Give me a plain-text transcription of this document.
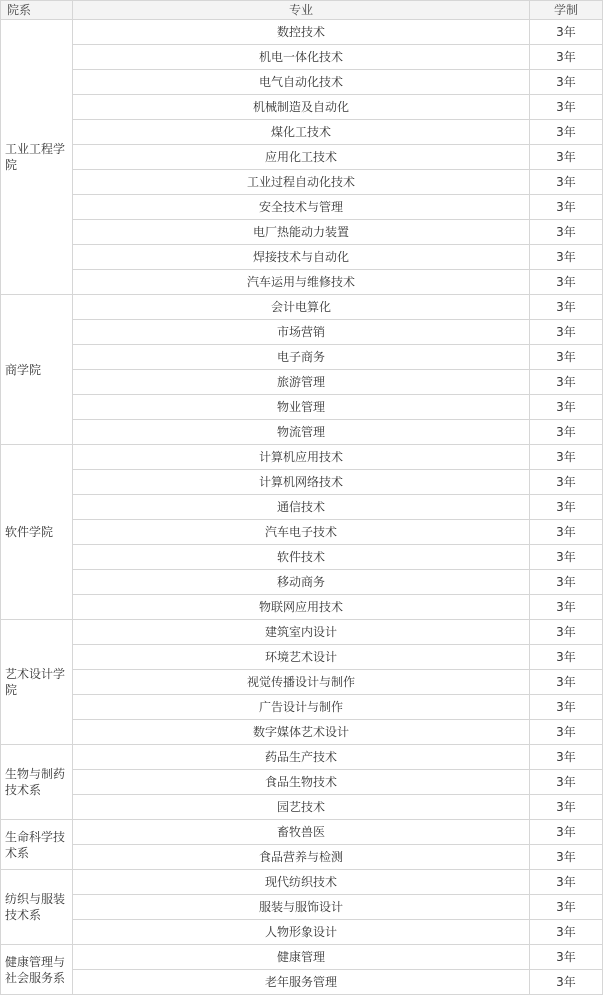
院系	专业	学制
工业工程学院	数控技术	3年
	机电一体化技术	3年
	电气自动化技术	3年
	机械制造及自动化	3年
	煤化工技术	3年
	应用化工技术	3年
	工业过程自动化技术	3年
	安全技术与管理	3年
	电厂热能动力装置	3年
	焊接技术与自动化	3年
	汽车运用与维修技术	3年
商学院	会计电算化	3年
	市场营销	3年
	电子商务	3年
	旅游管理	3年
	物业管理	3年
	物流管理	3年
软件学院	计算机应用技术	3年
	计算机网络技术	3年
	通信技术	3年
	汽车电子技术	3年
	软件技术	3年
	移动商务	3年
	物联网应用技术	3年
艺术设计学院	建筑室内设计	3年
	环境艺术设计	3年
	视觉传播设计与制作	3年
	广告设计与制作	3年
	数字媒体艺术设计	3年
生物与制药技术系	药品生产技术	3年
	食品生物技术	3年
	园艺技术	3年
生命科学技术系	畜牧兽医	3年
	食品营养与检测	3年
纺织与服装技术系	现代纺织技术	3年
	服装与服饰设计	3年
	人物形象设计	3年
健康管理与社会服务系	健康管理	3年
	老年服务管理	3年
